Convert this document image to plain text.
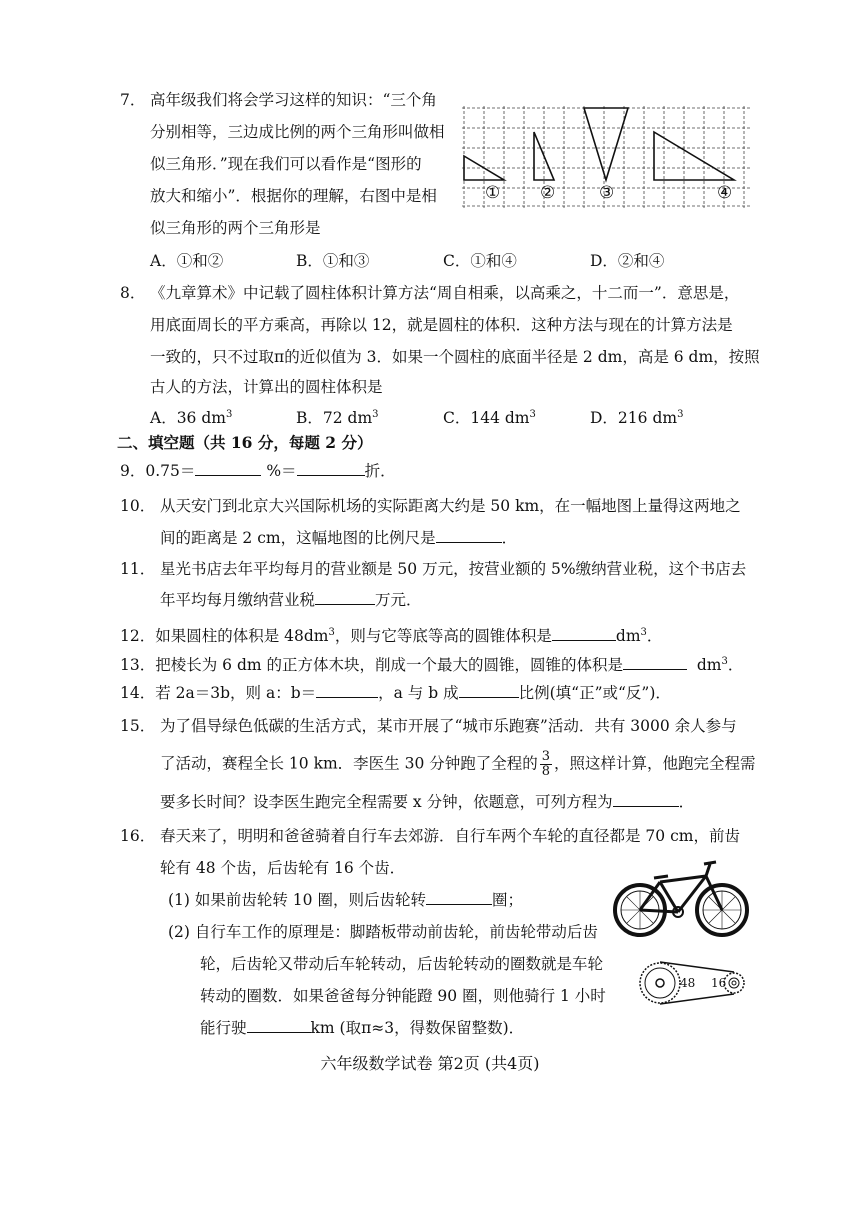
7． 高年级我们将会学习这样的知识：“三个角
分别相等，三边成比例的两个三角形叫做相
似三角形．”现在我们可以看作是“图形的
放大和缩小”．根据你的理解，右图中是相
似三角形的两个三角形是
① ②	③	④
A．①和②	B．①和③	C．①和④	D．②和④
8． 《九章算术》中记载了圆柱体积计算方法“周自相乘，以高乘之，十二而一”．意思是，
用底面周长的平方乘高，再除以 12，就是圆柱的体积．这种方法与现在的计算方法是
一致的，只不过取π的近似值为 3．如果一个圆柱的底面半径是 2 dm，高是 6 dm，按照
古人的方法，计算出的圆柱体积是
A．36 $dm^3$	B．72 $dm^3$	C．144 $dm^3$	D．216 $dm^3$
二、填空题（共 16 分，每题 2 分）
9．0.75＝	%＝	折．
10． 从天安门到北京大兴国际机场的实际距离大约是 50 km，在一幅地图上量得这两地之
间的距离是 2 cm，这幅地图的比例尺是	．
11． 星光书店去年平均每月的营业额是 50 万元，按营业额的 5%缴纳营业税，这个书店去
年平均每月缴纳营业税	万元．
12．如果圆柱的体积是 $48dm^3$，则与它等底等高的圆锥体积是	$dm^3$．
13．把棱长为 6 dm 的正方体木块，削成一个最大的圆锥，圆锥的体积是	$dm^3$．
14．若 2a＝3b，则 a：b＝	，a 与 b 成	比例(填“正”或“反”)．
15． 为了倡导绿色低碳的生活方式，某市开展了“城市乐跑赛”活动．共有 3000 余人参与
了活动，赛程全长 10 km．李医生 30 分钟跑了全程的 $\frac{3}{8}$ ，照这样计算，他跑完全程需
要多长时间？设李医生跑完全程需要 x 分钟，依题意，可列方程为	．
16． 春天来了，明明和爸爸骑着自行车去郊游．自行车两个车轮的直径都是 70 cm，前齿
轮有 48 个齿，后齿轮有 16 个齿．
(1) 如果前齿轮转 10 圈，则后齿轮转	圈；
(2) 自行车工作的原理是：脚踏板带动前齿轮，前齿轮带动后齿
轮，后齿轮又带动后车轮转动，后齿轮转动的圈数就是车轮
转动的圈数．如果爸爸每分钟能蹬 90 圈，则他骑行 1 小时
能行驶	km (取π≈3，得数保留整数)．
48 16
六年级数学试卷 第2页 (共4页)
